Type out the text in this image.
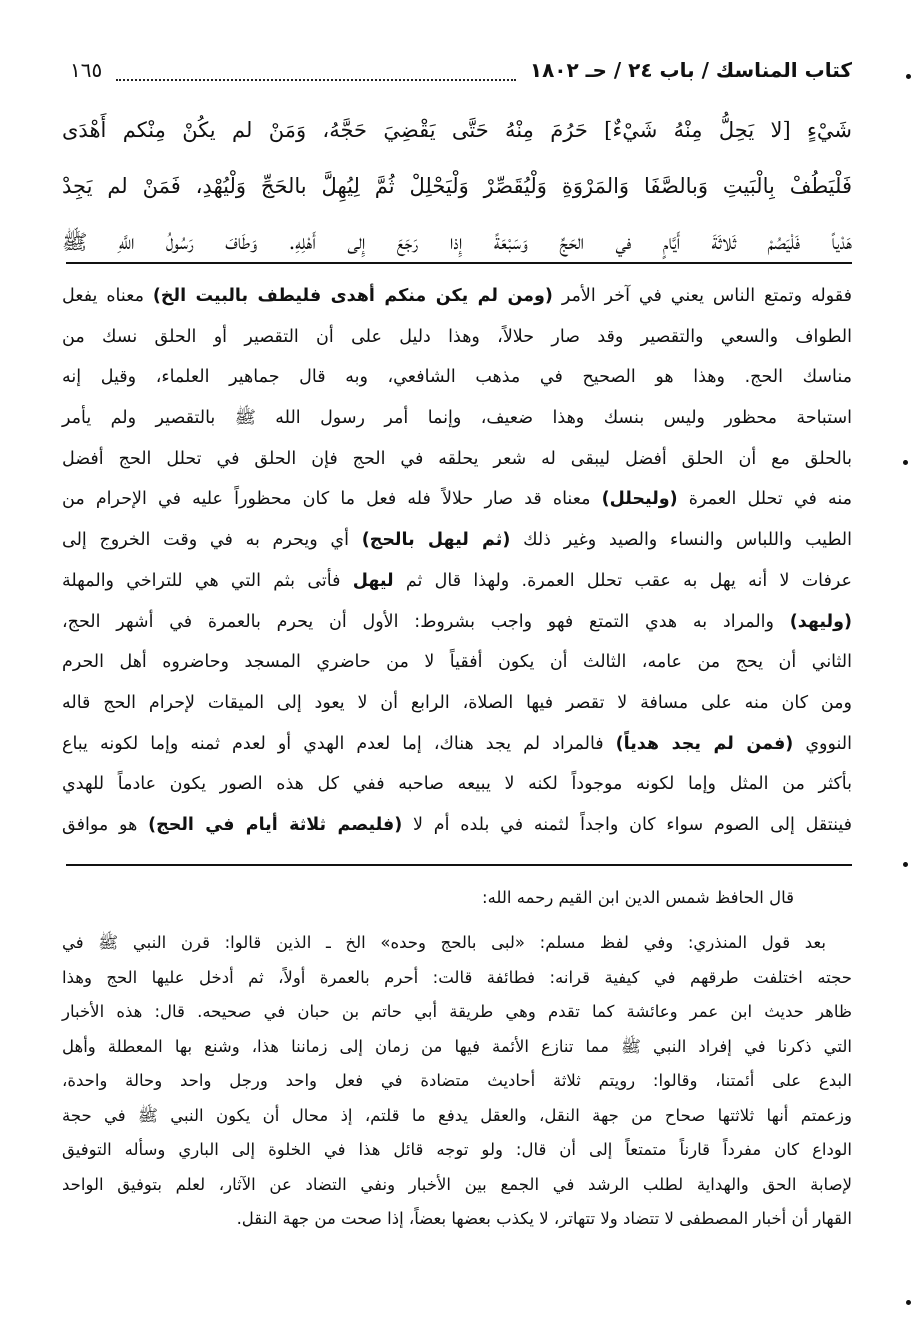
كتاب المناسك / باب ٢٤ / حـ ١٨٠٢
١٦٥
شَيْءٍ [لا يَحِلُّ مِنْهُ شَيْءٌ] حَرُمَ مِنْهُ حَتَّى يَقْضِيَ حَجَّهُ، وَمَنْ لم يكُنْ مِنْكم أَهْدَى
فَلْيَطُفْ بِالْبَيتِ وَبالصَّفَا وَالمَرْوَةِ وَلْيُقَصِّرْ وَلْيَحْلِلْ ثُمَّ لِيُهِلَّ بالحَجِّ وَلْيُهْدِ، فَمَنْ لم يَجِدْ
هَدْياً فَلْيَصُمْ ثَلاثَةَ أَيَّامٍ في الحَجِّ وَسَبْعَةً إِذا رَجَعَ إِلى أَهْلِهِ. وَطَافَ رَسُولُ اللَّهِ ﷺ
فقوله وتمتع الناس يعني في آخر الأمر (ومن لم يكن منكم أهدى فليطف بالبيت الخ) معناه يفعل
الطواف والسعي والتقصير وقد صار حلالاً، وهذا دليل على أن التقصير أو الحلق نسك من
مناسك الحج. وهذا هو الصحيح في مذهب الشافعي، وبه قال جماهير العلماء، وقيل إنه
استباحة محظور وليس بنسك وهذا ضعيف، وإنما أمر رسول الله ﷺ بالتقصير ولم يأمر
بالحلق مع أن الحلق أفضل ليبقى له شعر يحلقه في الحج فإن الحلق في تحلل الحج أفضل
منه في تحلل العمرة (وليحلل) معناه قد صار حلالاً فله فعل ما كان محظوراً عليه في الإحرام من
الطيب واللباس والنساء والصيد وغير ذلك (ثم ليهل بالحج) أي ويحرم به في وقت الخروج إلى
عرفات لا أنه يهل به عقب تحلل العمرة. ولهذا قال ثم ليهل فأتى بثم التي هي للتراخي والمهلة
(وليهد) والمراد به هدي التمتع فهو واجب بشروط: الأول أن يحرم بالعمرة في أشهر الحج،
الثاني أن يحج من عامه، الثالث أن يكون أفقياً لا من حاضري المسجد وحاضروه أهل الحرم
ومن كان منه على مسافة لا تقصر فيها الصلاة، الرابع أن لا يعود إلى الميقات لإحرام الحج قاله
النووي (فمن لم يجد هدياً) فالمراد لم يجد هناك، إما لعدم الهدي أو لعدم ثمنه وإما لكونه يباع
بأكثر من المثل وإما لكونه موجوداً لكنه لا يبيعه صاحبه ففي كل هذه الصور يكون عادماً للهدي
فينتقل إلى الصوم سواء كان واجداً لثمنه في بلده أم لا (فليصم ثلاثة أيام في الحج) هو موافق
قال الحافظ شمس الدين ابن القيم رحمه الله:
بعد قول المنذري: وفي لفظ مسلم: «لبى بالحج وحده» الخ ـ الذين قالوا: قرن النبي ﷺ في
حجته اختلفت طرقهم في كيفية قرانه: فطائفة قالت: أحرم بالعمرة أولاً، ثم أدخل عليها الحج وهذا
ظاهر حديث ابن عمر وعائشة كما تقدم وهي طريقة أبي حاتم بن حبان في صحيحه. قال: هذه الأخبار
التي ذكرنا في إفراد النبي ﷺ مما تنازع الأئمة فيها من زمان إلى زماننا هذا، وشنع بها المعطلة وأهل
البدع على أئمتنا، وقالوا: رويتم ثلاثة أحاديث متضادة في فعل واحد ورجل واحد وحالة واحدة،
وزعمتم أنها ثلاثتها صحاح من جهة النقل، والعقل يدفع ما قلتم، إذ محال أن يكون النبي ﷺ في حجة
الوداع كان مفرداً قارناً متمتعاً إلى أن قال: ولو توجه قائل هذا في الخلوة إلى الباري وسأله التوفيق
لإصابة الحق والهداية لطلب الرشد في الجمع بين الأخبار ونفي التضاد عن الآثار، لعلم بتوفيق الواحد
القهار أن أخبار المصطفى لا تتضاد ولا تتهاتر، لا يكذب بعضها بعضاً، إذا صحت من جهة النقل.
